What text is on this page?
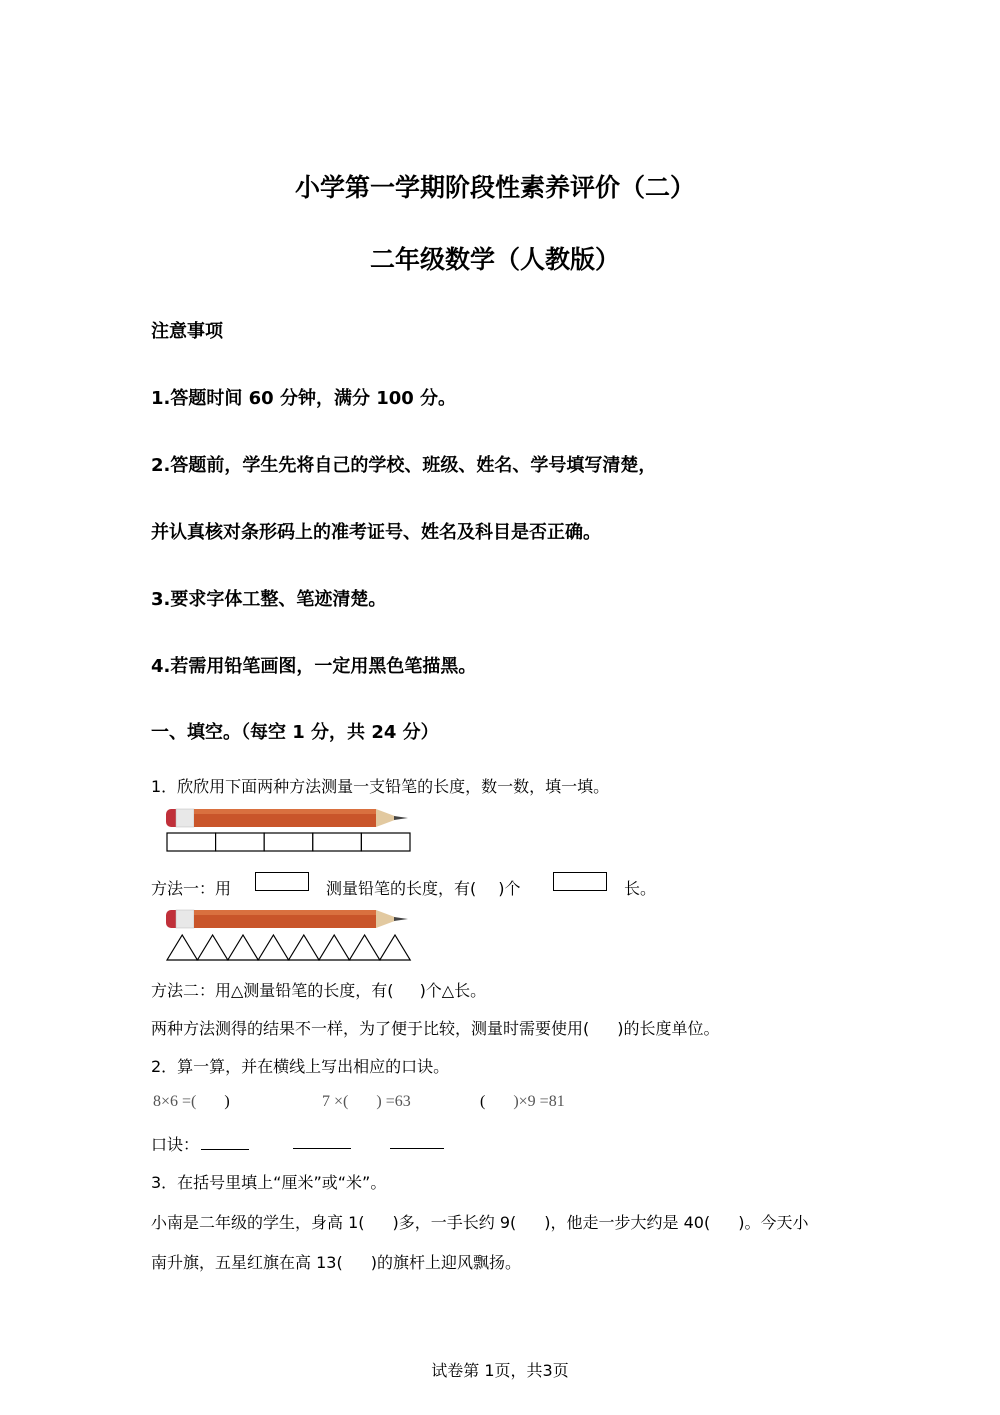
小学第一学期阶段性素养评价（二）
二年级数学（人教版）
注意事项
1.答题时间 60 分钟，满分 100 分。
2.答题前，学生先将自己的学校、班级、姓名、学号填写清楚，
并认真核对条形码上的准考证号、姓名及科目是否正确。
3.要求字体工整、笔迹清楚。
4.若需用铅笔画图，一定用黑色笔描黑。
一、填空。（每空 1 分，共 24 分）
1．欣欣用下面两种方法测量一支铅笔的长度，数一数，填一填。
方法一：用	测量铅笔的长度，有( )个	长。
方法二：用△测量铅笔的长度，有( )个△长。
两种方法测得的结果不一样，为了便于比较，测量时需要使用( )的长度单位。
2．算一算，并在横线上写出相应的口诀。
8×6 =( )	7 ×( ) =63	( )×9 =81
口诀：
3．在括号里填上“厘米”或“米”。
小南是二年级的学生，身高 1( )多，一手长约 9( )，他走一步大约是 40( )。今天小
南升旗，五星红旗在高 13( )的旗杆上迎风飘扬。
试卷第 1页，共3页
